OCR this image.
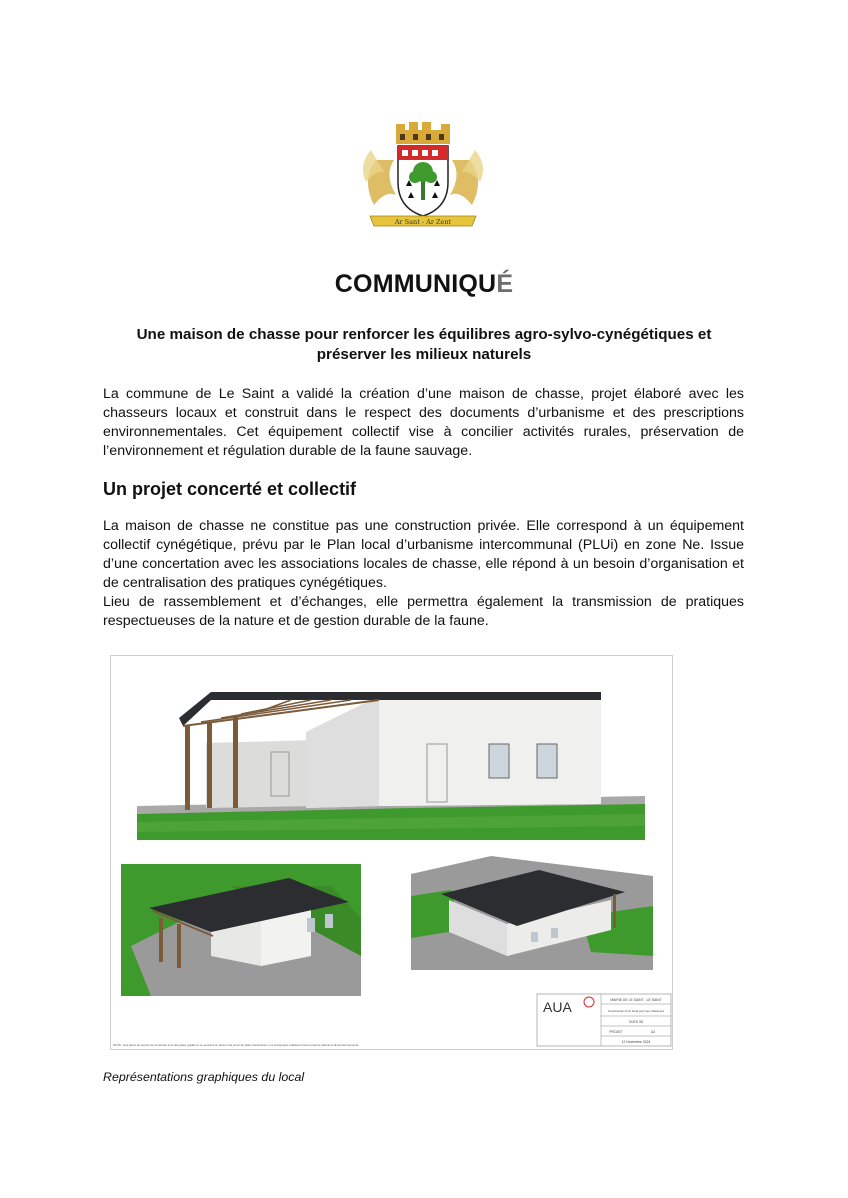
Ar Sant - Ar Zent
COMMUNIQUÉ
Une maison de chasse pour renforcer les équilibres agro-sylvo-cynégétiques et
préserver les milieux naturels

La commune de Le Saint a validé la création d’une maison de chasse, projet élaboré avec les chasseurs locaux et construit dans le respect des documents d’urbanisme et des prescriptions environnementales. Cet équipement collectif vise à concilier activités rurales, préservation de l’environnement et régulation durable de la faune sauvage.

Un projet concerté et collectif

La maison de chasse ne constitue pas une construction privée. Elle correspond à un équipement collectif cynégétique, prévu par le Plan local d’urbanisme intercommunal (PLUi) en zone Ne. Issue d’une concertation avec les associations locales de chasse, elle répond à un besoin d’organisation et de centralisation des pratiques cynégétiques.

Lieu de rassemblement et d’échanges, elle permettra également la transmission de pratiques respectueuses de la nature et de gestion durable de la faune.

AUA	MAIRIE DE LE SAINT - LE SAINT
Construction d'un local pour les chasseurs
VUES 3D
PROJET	A3
12 Novembre 2024
NOTA : Ces plans de permis de construire sont des plans guides et ne peuvent en aucun cas servir de plans d'exécution. Les entreprises réaliseront leurs propres calculs et dimensionnements.
Représentations graphiques du local
